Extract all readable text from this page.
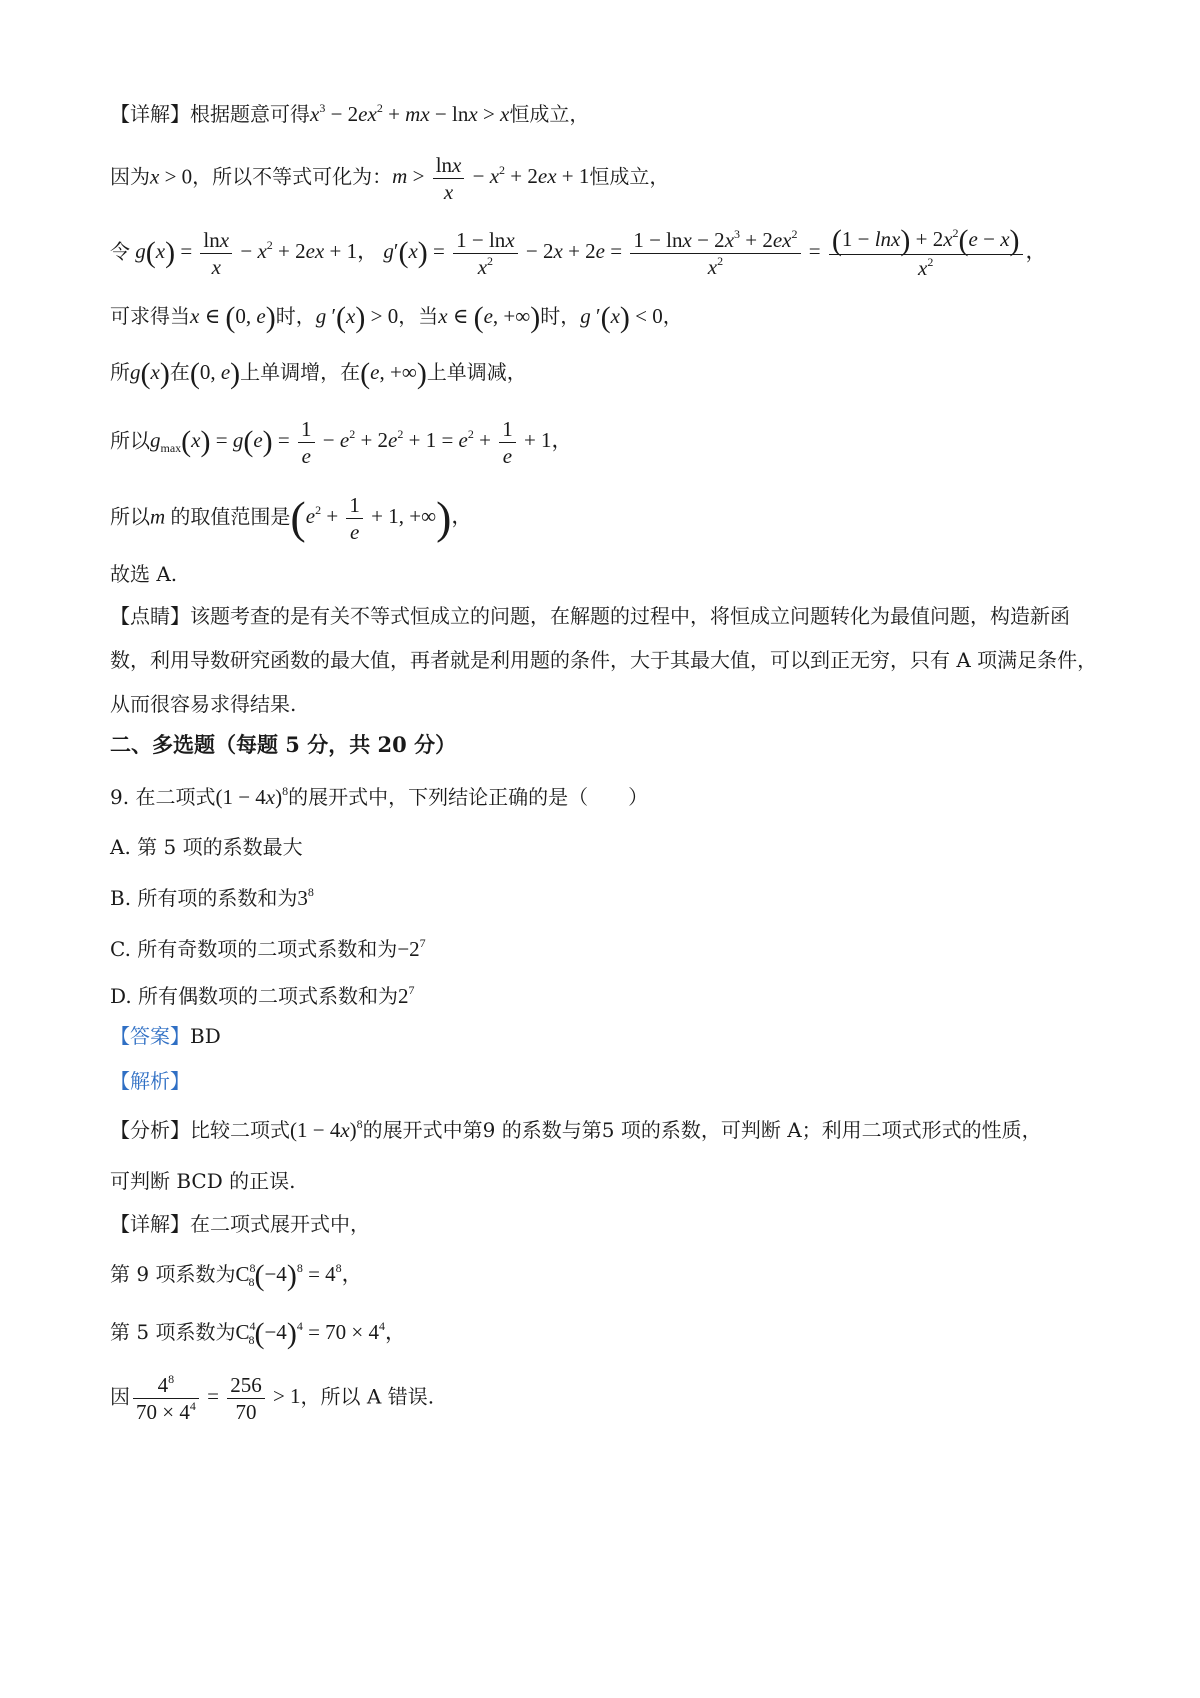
【详解】根据题意可得$x^3 - 2ex^2$ + mx − lnx > x恒成立，
因为x > 0，所以不等式可化为：$m > \frac{\ln x}{x} - x^2 + 2ex + 1$恒成立，
令 $g(x) = \frac{\ln x}{x} - x^2 + 2ex + 1$， $g'(x) = \frac{1 - \ln x}{x^2} - 2x + 2e = \frac{1 - \ln x - 2x^3 + 2ex^2}{x^2} = \frac{(1 - \ln x) + 2x^2(e - x)}{x^2}$ ，
可求得当x ∈ (0, e)时，g ′(x) > 0，当x ∈ (e, +∞)时，g ′(x) < 0，
所g(x)在(0, e)上单调增，在(e, +∞)上单调减，
所以$g_{max}(x) = g(e) = \frac{1}{e} - e^2 + 2e^2 + 1 = e^2 + \frac{1}{e} + 1$，
所以m 的取值范围是($e^2 + \frac{1}{e} + 1$, +∞)，
故选 A.
【点睛】该题考查的是有关不等式恒成立的问题，在解题的过程中，将恒成立问题转化为最值问题，构造新函数，利用导数研究函数的最大值，再者就是利用题的条件，大于其最大值，可以到正无穷，只有 A 项满足条件，从而很容易求得结果.
二、多选题（每题 5 分，共 20 分）
9. 在二项式$(1 - 4x)^8$的展开式中，下列结论正确的是（　　）
A. 第 5 项的系数最大
B. 所有项的系数和为$3^8$
C. 所有奇数项的二项式系数和为$-2^7$
D. 所有偶数项的二项式系数和为$2^7$
【答案】BD
【解析】
【分析】比较二项式$(1 - 4x)^8$的展开式中第9 的系数与第5 项的系数，可判断 A；利用二项式形式的性质，
可判断 BCD 的正误.
【详解】在二项式展开式中，
第 9 项系数为$C^8_8(-4)^8 = 4^8$，
第 5 项系数为$C^4_8(-4)^4 = 70 \times 4^4$，
因 $\frac{4^8}{70 \times 4^4} = \frac{256}{70} > 1$，所以 A 错误.
